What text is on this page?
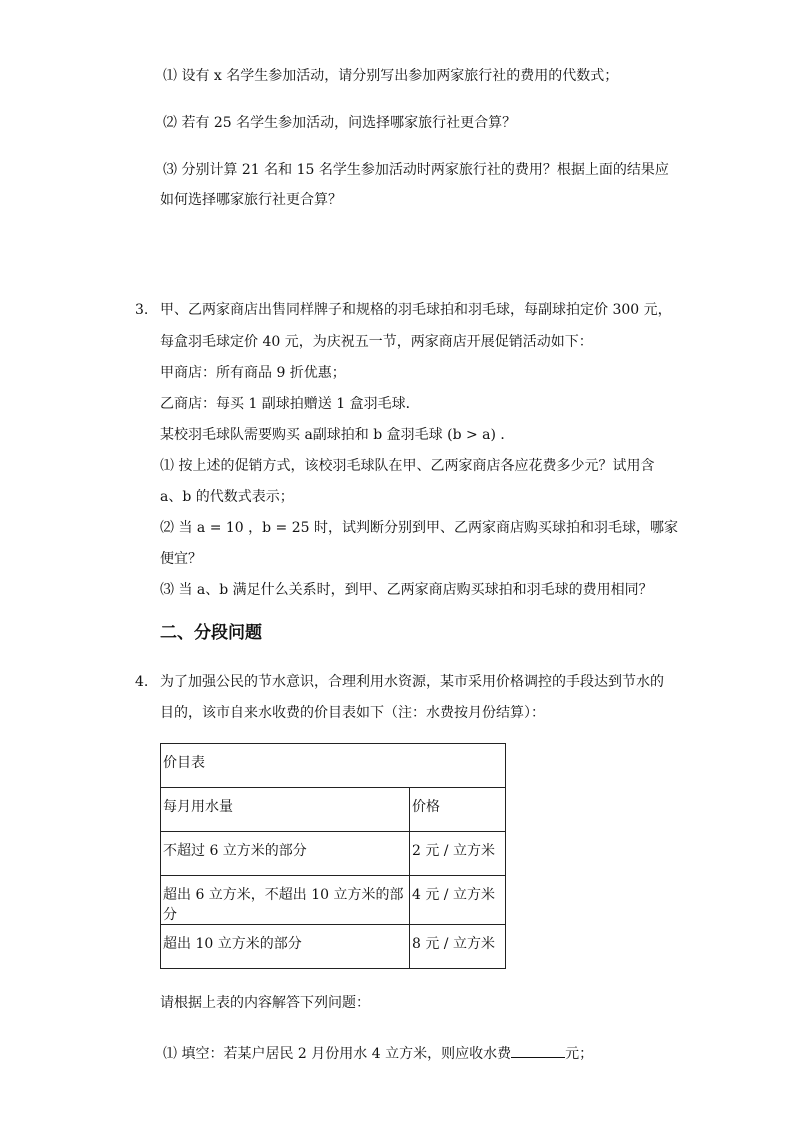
⑴ 设有 x 名学生参加活动，请分别写出参加两家旅行社的费用的代数式；
⑵ 若有 25 名学生参加活动，问选择哪家旅行社更合算？
⑶ 分别计算 21 名和 15 名学生参加活动时两家旅行社的费用？根据上面的结果应
如何选择哪家旅行社更合算？
3. 甲、乙两家商店出售同样牌子和规格的羽毛球拍和羽毛球，每副球拍定价 300 元，
每盒羽毛球定价 40 元，为庆祝五一节，两家商店开展促销活动如下：
甲商店：所有商品 9 折优惠；
乙商店：每买 1 副球拍赠送 1 盒羽毛球．
某校羽毛球队需要购买 a副球拍和 b 盒羽毛球 (b > a) ．
⑴ 按上述的促销方式，该校羽毛球队在甲、乙两家商店各应花费多少元？试用含
a、b 的代数式表示；
⑵ 当 a = 10 ，b = 25 时，试判断分别到甲、乙两家商店购买球拍和羽毛球，哪家
便宜？
⑶ 当 a、b 满足什么关系时，到甲、乙两家商店购买球拍和羽毛球的费用相同？
二、分段问题
4. 为了加强公民的节水意识，合理利用水资源，某市采用价格调控的手段达到节水的
目的，该市自来水收费的价目表如下（注：水费按月份结算）：
价目表	
每月用水量	价格
不超过 6 立方米的部分	2 元 / 立方米
超出 6 立方米，不超出 10 立方米的部分	4 元 / 立方米
超出 10 立方米的部分	8 元 / 立方米
请根据上表的内容解答下列问题：
⑴ 填空：若某户居民 2 月份用水 4 立方米，则应收水费	元；
